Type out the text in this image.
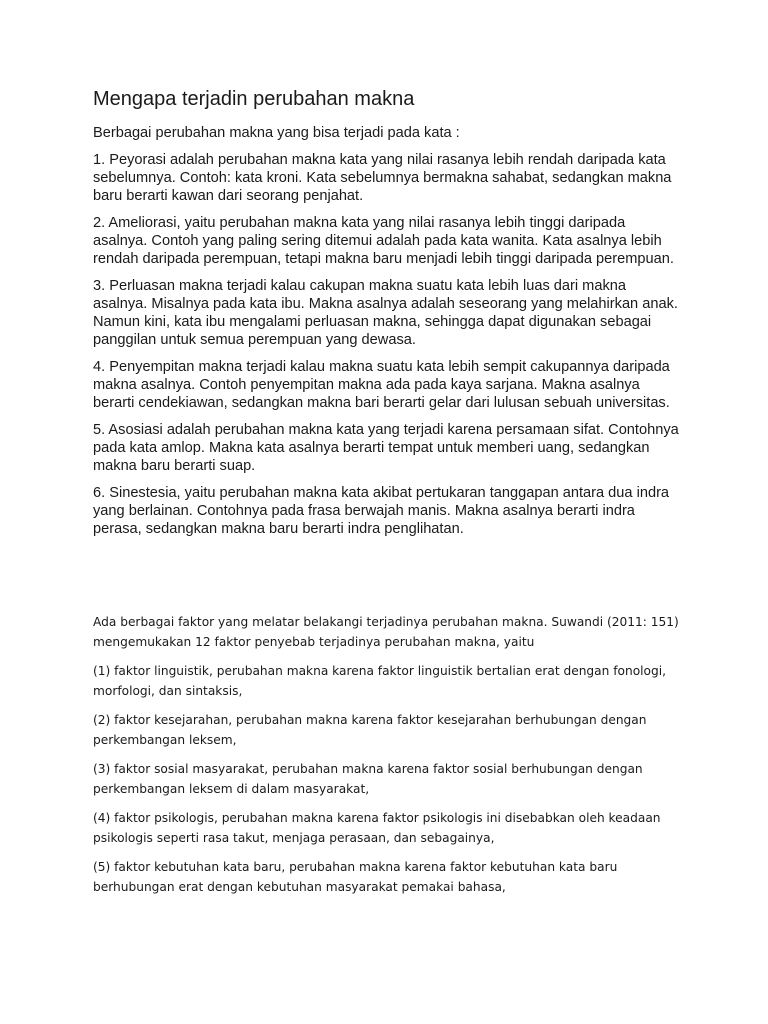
Mengapa terjadin perubahan makna

Berbagai perubahan makna yang bisa terjadi pada kata :

1. Peyorasi adalah perubahan makna kata yang nilai rasanya lebih rendah daripada kata sebelumnya. Contoh: kata kroni. Kata sebelumnya bermakna sahabat, sedangkan makna baru berarti kawan dari seorang penjahat.

2. Ameliorasi, yaitu perubahan makna kata yang nilai rasanya lebih tinggi daripada asalnya. Contoh yang paling sering ditemui adalah pada kata wanita. Kata asalnya lebih rendah daripada perempuan, tetapi makna baru menjadi lebih tinggi daripada perempuan.

3. Perluasan makna terjadi kalau cakupan makna suatu kata lebih luas dari makna asalnya. Misalnya pada kata ibu. Makna asalnya adalah seseorang yang melahirkan anak. Namun kini, kata ibu mengalami perluasan makna, sehingga dapat digunakan sebagai panggilan untuk semua perempuan yang dewasa.

4. Penyempitan makna terjadi kalau makna suatu kata lebih sempit cakupannya daripada makna asalnya. Contoh penyempitan makna ada pada kaya sarjana. Makna asalnya berarti cendekiawan, sedangkan makna bari berarti gelar dari lulusan sebuah universitas.

5. Asosiasi adalah perubahan makna kata yang terjadi karena persamaan sifat. Contohnya pada kata amlop. Makna kata asalnya berarti tempat untuk memberi uang, sedangkan makna baru berarti suap.

6. Sinestesia, yaitu perubahan makna kata akibat pertukaran tanggapan antara dua indra yang berlainan. Contohnya pada frasa berwajah manis. Makna asalnya berarti indra perasa, sedangkan makna baru berarti indra penglihatan.

Ada berbagai faktor yang melatar belakangi terjadinya perubahan makna. Suwandi (2011: 151) mengemukakan 12 faktor penyebab terjadinya perubahan makna, yaitu

(1) faktor linguistik, perubahan makna karena faktor linguistik bertalian erat dengan fonologi, morfologi, dan sintaksis,

(2) faktor kesejarahan, perubahan makna karena faktor kesejarahan berhubungan dengan perkembangan leksem,

(3) faktor sosial masyarakat, perubahan makna karena faktor sosial berhubungan dengan perkembangan leksem di dalam masyarakat,

(4) faktor psikologis, perubahan makna karena faktor psikologis ini disebabkan oleh keadaan psikologis seperti rasa takut, menjaga perasaan, dan sebagainya,

(5) faktor kebutuhan kata baru, perubahan makna karena faktor kebutuhan kata baru berhubungan erat dengan kebutuhan masyarakat pemakai bahasa,
